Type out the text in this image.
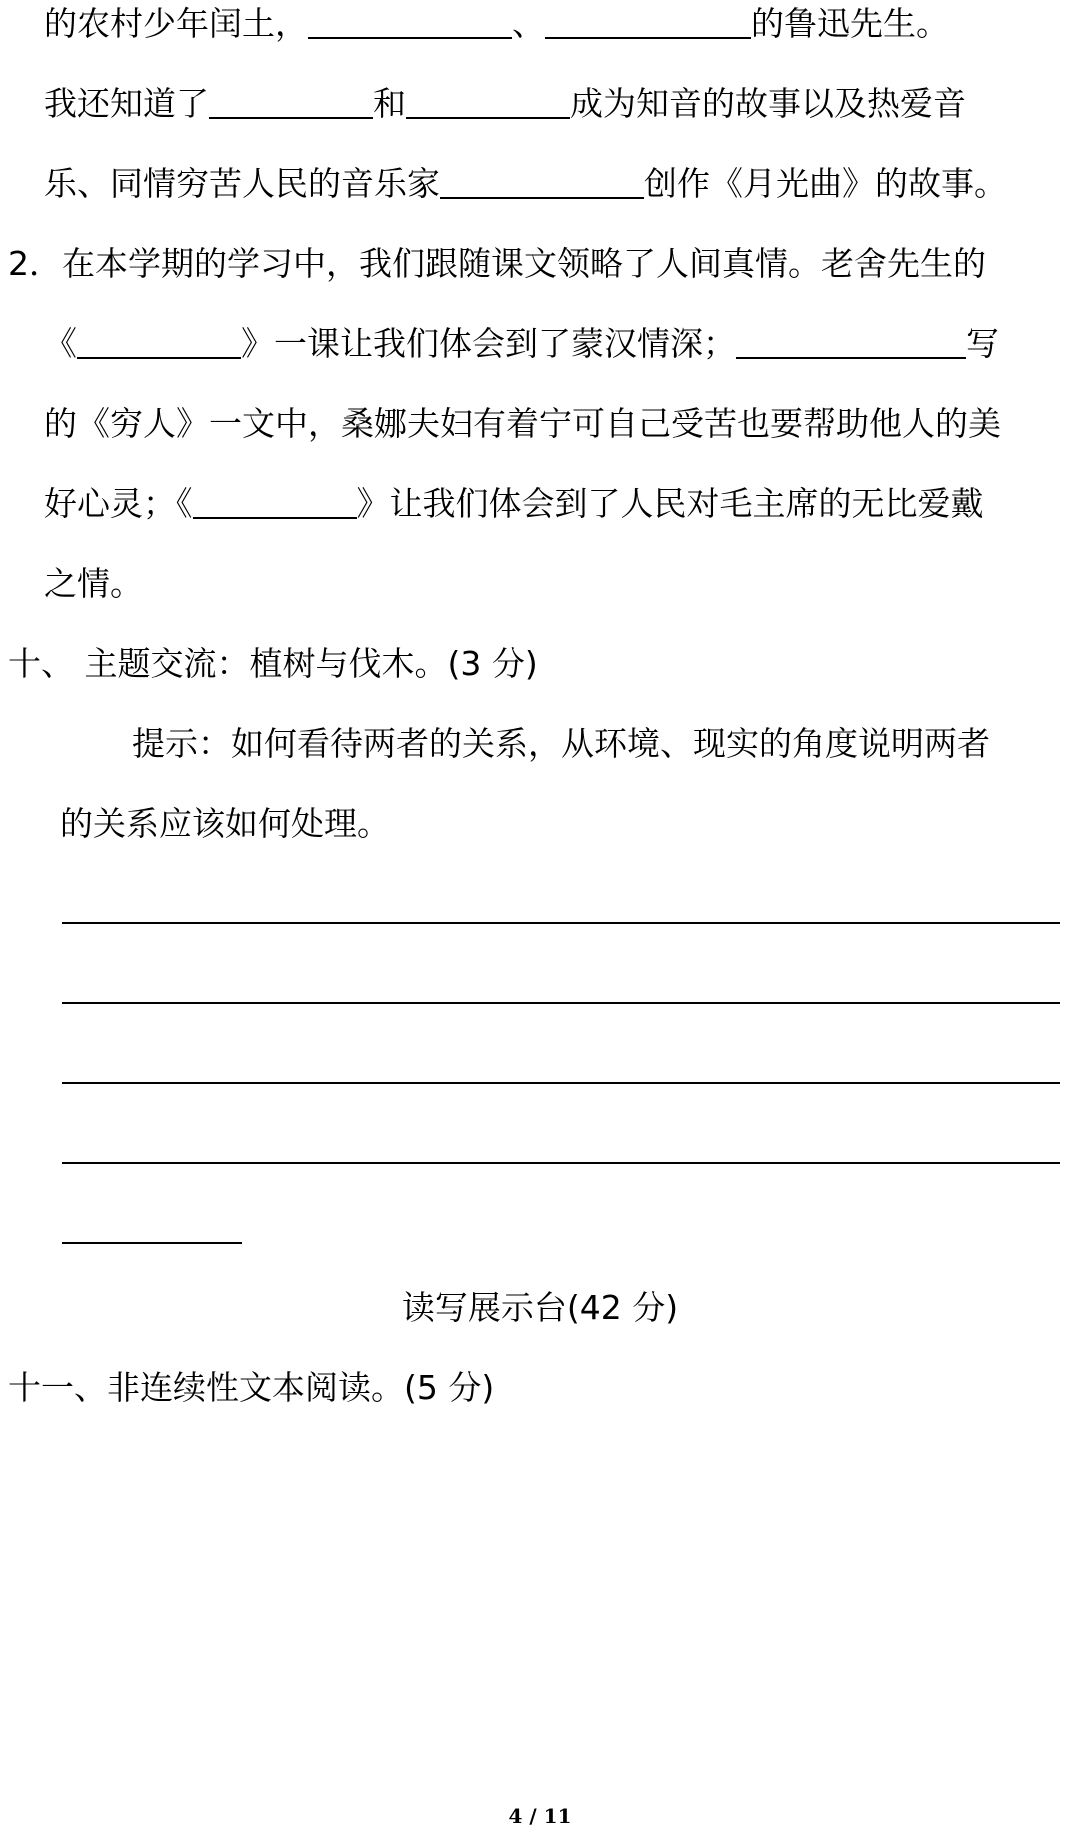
的农村少年闰土，	、	的鲁迅先生。
我还知道了	和	成为知音的故事以及热爱音
乐、同情穷苦人民的音乐家	创作《月光曲》的故事。
2．在本学期的学习中，我们跟随课文领略了人间真情。老舍先生的
《	》一课让我们体会到了蒙汉情深；	写
的《穷人》一文中，桑娜夫妇有着宁可自己受苦也要帮助他人的美
好心灵；《	》让我们体会到了人民对毛主席的无比爱戴
之情。
十、 主题交流：植树与伐木。(3 分)
提示：如何看待两者的关系，从环境、现实的角度说明两者
的关系应该如何处理。
读写展示台(42 分)
十一、非连续性文本阅读。(5 分)
4 / 11
